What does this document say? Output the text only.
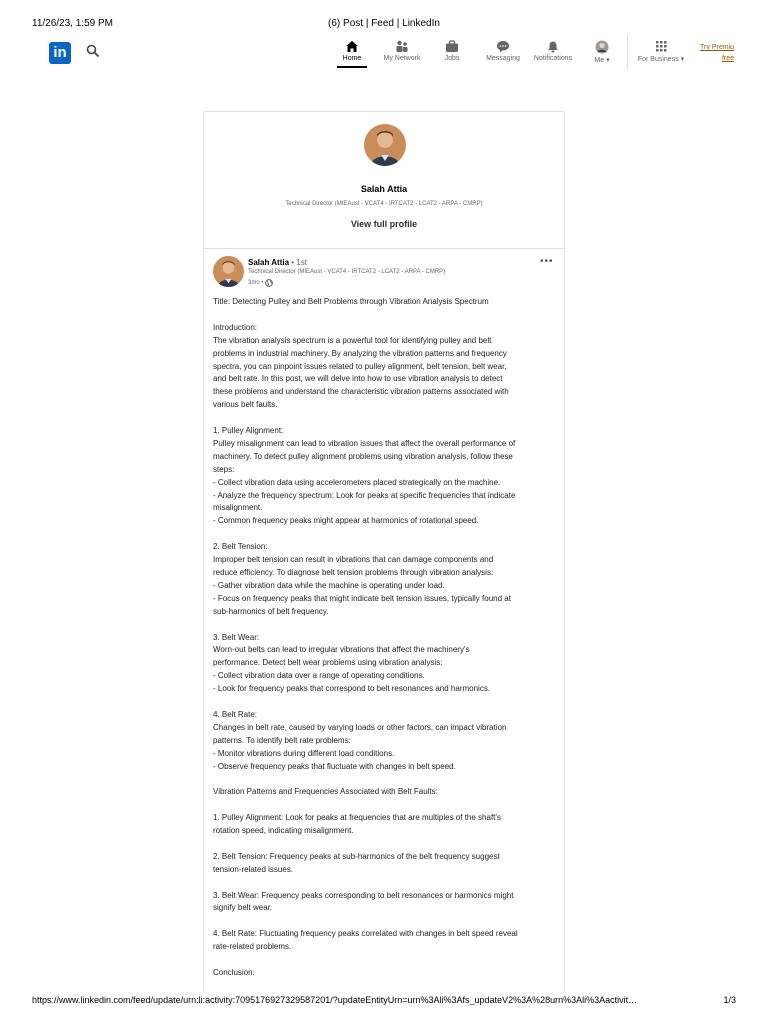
11/26/23, 1:59 PM	(6) Post | Feed | LinkedIn
in	Home	My Network	Jobs	Messaging	Notifications	Me ▾	For Business ▾
Try Premiu
free
Salah Attia
Technical Director (MIEAust - VCAT4 - IRTCAT2 - LCAT2 - ARPA - CMRP)
View full profile
Salah Attia • 1st
Technical Director (MIEAust - VCAT4 - IRTCAT2 - LCAT2 - ARPA - CMRP)
3mo •
•••
Title: Detecting Pulley and Belt Problems through Vibration Analysis Spectrum
Introduction:
The vibration analysis spectrum is a powerful tool for identifying pulley and belt
problems in industrial machinery. By analyzing the vibration patterns and frequency
spectra, you can pinpoint issues related to pulley alignment, belt tension, belt wear,
and belt rate. In this post, we will delve into how to use vibration analysis to detect
these problems and understand the characteristic vibration patterns associated with
various belt faults.
1. Pulley Alignment:
Pulley misalignment can lead to vibration issues that affect the overall performance of
machinery. To detect pulley alignment problems using vibration analysis, follow these
steps:
- Collect vibration data using accelerometers placed strategically on the machine.
- Analyze the frequency spectrum: Look for peaks at specific frequencies that indicate
misalignment.
- Common frequency peaks might appear at harmonics of rotational speed.
2. Belt Tension:
Improper belt tension can result in vibrations that can damage components and
reduce efficiency. To diagnose belt tension problems through vibration analysis:
- Gather vibration data while the machine is operating under load.
- Focus on frequency peaks that might indicate belt tension issues, typically found at
sub-harmonics of belt frequency.
3. Belt Wear:
Worn-out belts can lead to irregular vibrations that affect the machinery's
performance. Detect belt wear problems using vibration analysis:
- Collect vibration data over a range of operating conditions.
- Look for frequency peaks that correspond to belt resonances and harmonics.
4. Belt Rate:
Changes in belt rate, caused by varying loads or other factors, can impact vibration
patterns. To identify belt rate problems:
- Monitor vibrations during different load conditions.
- Observe frequency peaks that fluctuate with changes in belt speed.
Vibration Patterns and Frequencies Associated with Belt Faults:
1. Pulley Alignment: Look for peaks at frequencies that are multiples of the shaft's
rotation speed, indicating misalignment.
2. Belt Tension: Frequency peaks at sub-harmonics of the belt frequency suggest
tension-related issues.
3. Belt Wear: Frequency peaks corresponding to belt resonances or harmonics might
signify belt wear.
4. Belt Rate: Fluctuating frequency peaks correlated with changes in belt speed reveal
rate-related problems.
Conclusion:
https://www.linkedin.com/feed/update/urn:li:activity:7095176927329587201/?updateEntityUrn=urn%3Ali%3Afs_updateV2%3A%28urn%3Ali%3Aactivit…	1/3
